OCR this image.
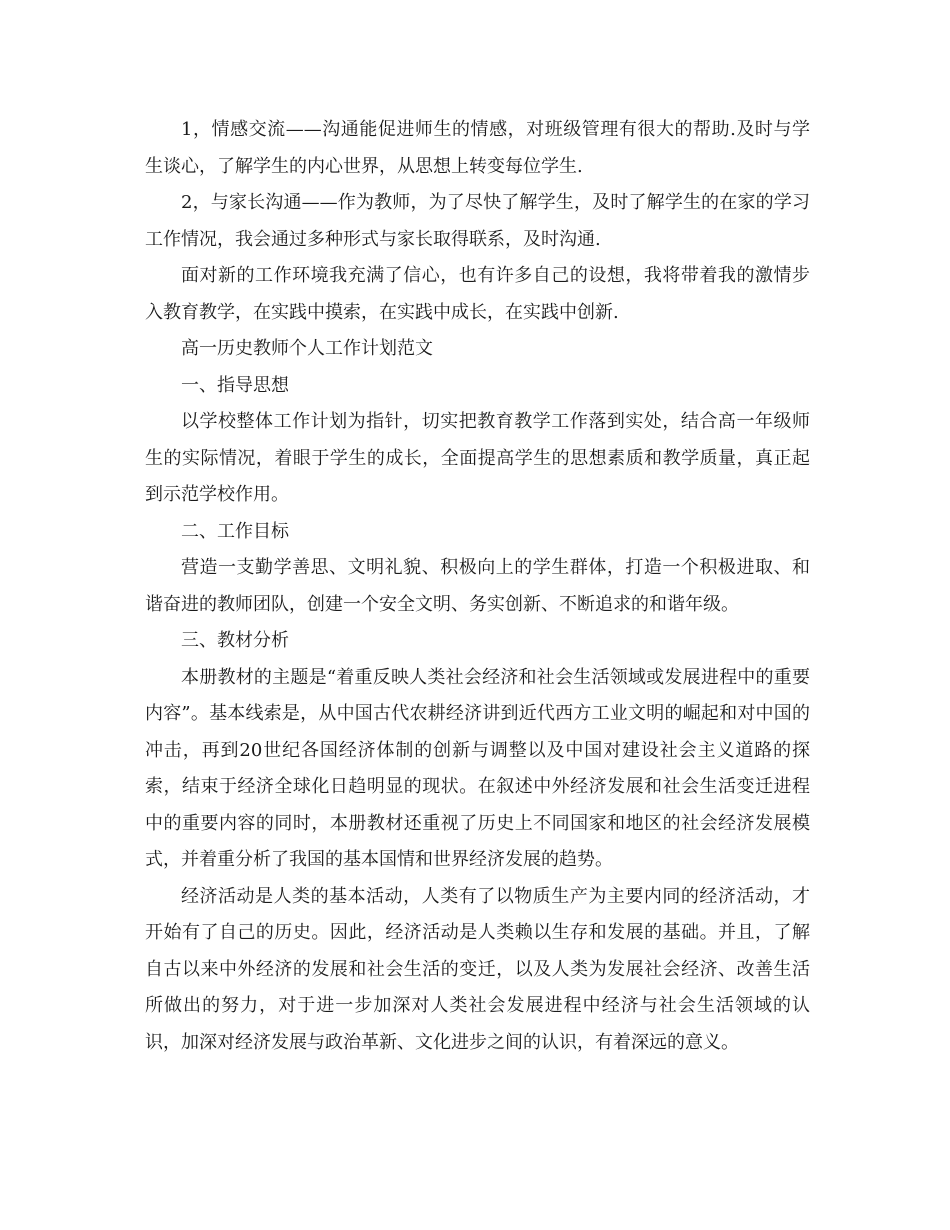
1，情感交流——沟通能促进师生的情感，对班级管理有很大的帮助.及时与学生谈心，了解学生的内心世界，从思想上转变每位学生.

2，与家长沟通——作为教师，为了尽快了解学生，及时了解学生的在家的学习工作情况，我会通过多种形式与家长取得联系，及时沟通.

面对新的工作环境我充满了信心，也有许多自己的设想，我将带着我的激情步入教育教学，在实践中摸索，在实践中成长，在实践中创新.

高一历史教师个人工作计划范文

一、指导思想

以学校整体工作计划为指针，切实把教育教学工作落到实处，结合高一年级师生的实际情况，着眼于学生的成长，全面提高学生的思想素质和教学质量，真正起到示范学校作用。

二、工作目标

营造一支勤学善思、文明礼貌、积极向上的学生群体，打造一个积极进取、和谐奋进的教师团队，创建一个安全文明、务实创新、不断追求的和谐年级。

三、教材分析

本册教材的主题是“着重反映人类社会经济和社会生活领域或发展进程中的重要内容”。基本线索是，从中国古代农耕经济讲到近代西方工业文明的崛起和对中国的冲击，再到20世纪各国经济体制的创新与调整以及中国对建设社会主义道路的探索，结束于经济全球化日趋明显的现状。在叙述中外经济发展和社会生活变迁进程中的重要内容的同时，本册教材还重视了历史上不同国家和地区的社会经济发展模式，并着重分析了我国的基本国情和世界经济发展的趋势。

经济活动是人类的基本活动，人类有了以物质生产为主要内同的经济活动，才开始有了自己的历史。因此，经济活动是人类赖以生存和发展的基础。并且，了解自古以来中外经济的发展和社会生活的变迁，以及人类为发展社会经济、改善生活所做出的努力，对于进一步加深对人类社会发展进程中经济与社会生活领域的认识，加深对经济发展与政治革新、文化进步之间的认识，有着深远的意义。
